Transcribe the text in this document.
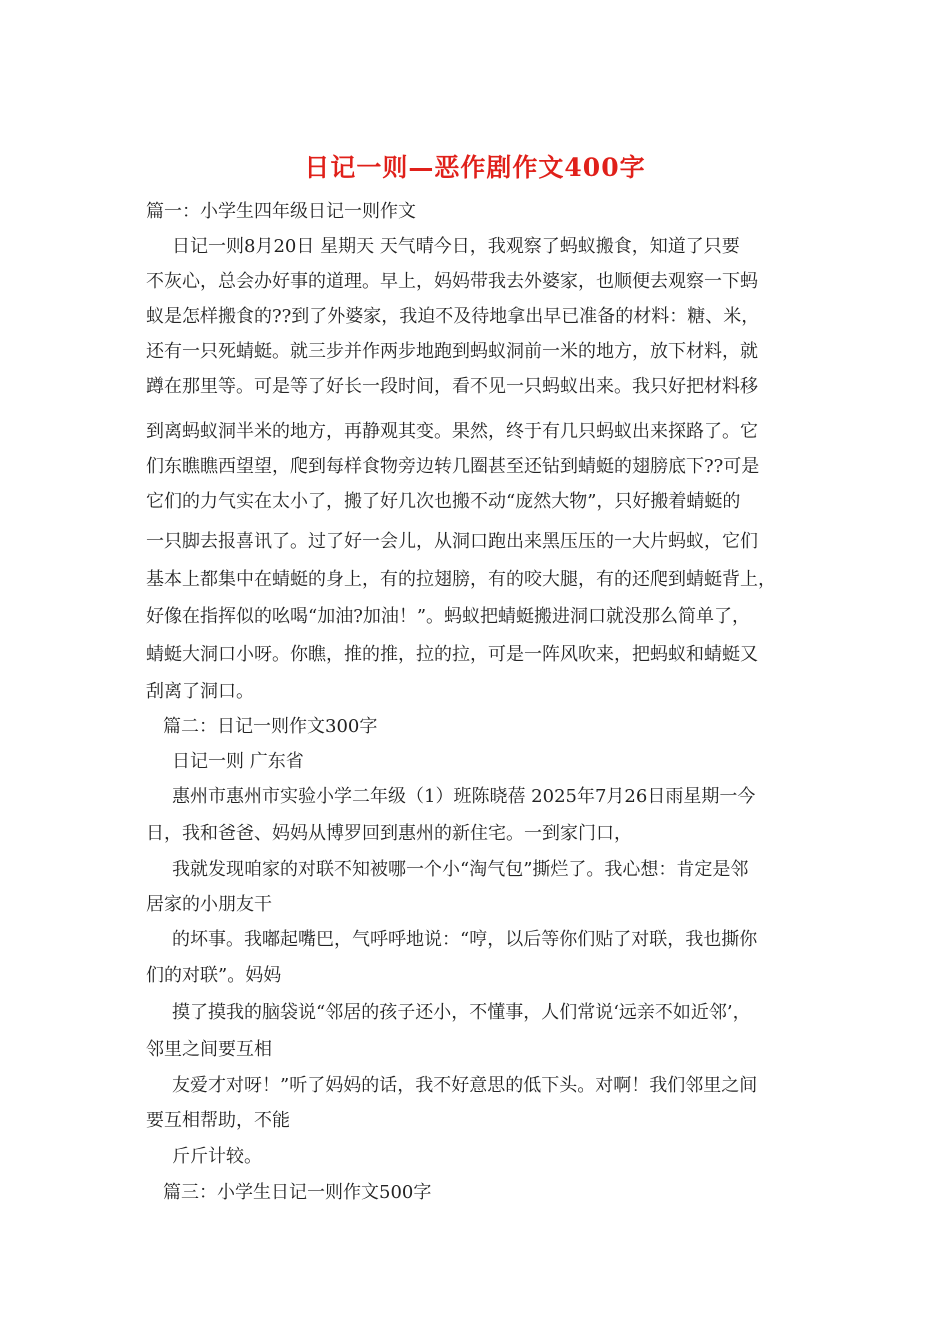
日记一则—恶作剧作文400字
篇一：小学生四年级日记一则作文
日记一则8月20日 星期天 天气晴今日，我观察了蚂蚁搬食，知道了只要
不灰心，总会办好事的道理。早上，妈妈带我去外婆家，也顺便去观察一下蚂
蚁是怎样搬食的??到了外婆家，我迫不及待地拿出早已准备的材料：糖、米，
还有一只死蜻蜓。就三步并作两步地跑到蚂蚁洞前一米的地方，放下材料，就
蹲在那里等。可是等了好长一段时间，看不见一只蚂蚁出来。我只好把材料移
到离蚂蚁洞半米的地方，再静观其变。果然，终于有几只蚂蚁出来探路了。它
们东瞧瞧西望望，爬到每样食物旁边转几圈甚至还钻到蜻蜓的翅膀底下??可是
它们的力气实在太小了，搬了好几次也搬不动“庞然大物”，只好搬着蜻蜓的
一只脚去报喜讯了。过了好一会儿，从洞口跑出来黑压压的一大片蚂蚁，它们
基本上都集中在蜻蜓的身上，有的拉翅膀，有的咬大腿，有的还爬到蜻蜓背上，
好像在指挥似的吆喝“加油?加油！”。蚂蚁把蜻蜓搬进洞口就没那么简单了，
蜻蜓大洞口小呀。你瞧，推的推，拉的拉，可是一阵风吹来，把蚂蚁和蜻蜓又
刮离了洞口。
篇二：日记一则作文300字
日记一则 广东省
惠州市惠州市实验小学二年级（1）班陈晓蓓 2025年7月26日雨星期一今
日，我和爸爸、妈妈从博罗回到惠州的新住宅。一到家门口，
我就发现咱家的对联不知被哪一个小“淘气包”撕烂了。我心想：肯定是邻
居家的小朋友干
的坏事。我嘟起嘴巴，气呼呼地说：“哼，以后等你们贴了对联，我也撕你
们的对联”。妈妈
摸了摸我的脑袋说“邻居的孩子还小，不懂事，人们常说‘远亲不如近邻’，
邻里之间要互相
友爱才对呀！”听了妈妈的话，我不好意思的低下头。对啊！我们邻里之间
要互相帮助，不能
斤斤计较。
篇三：小学生日记一则作文500字
